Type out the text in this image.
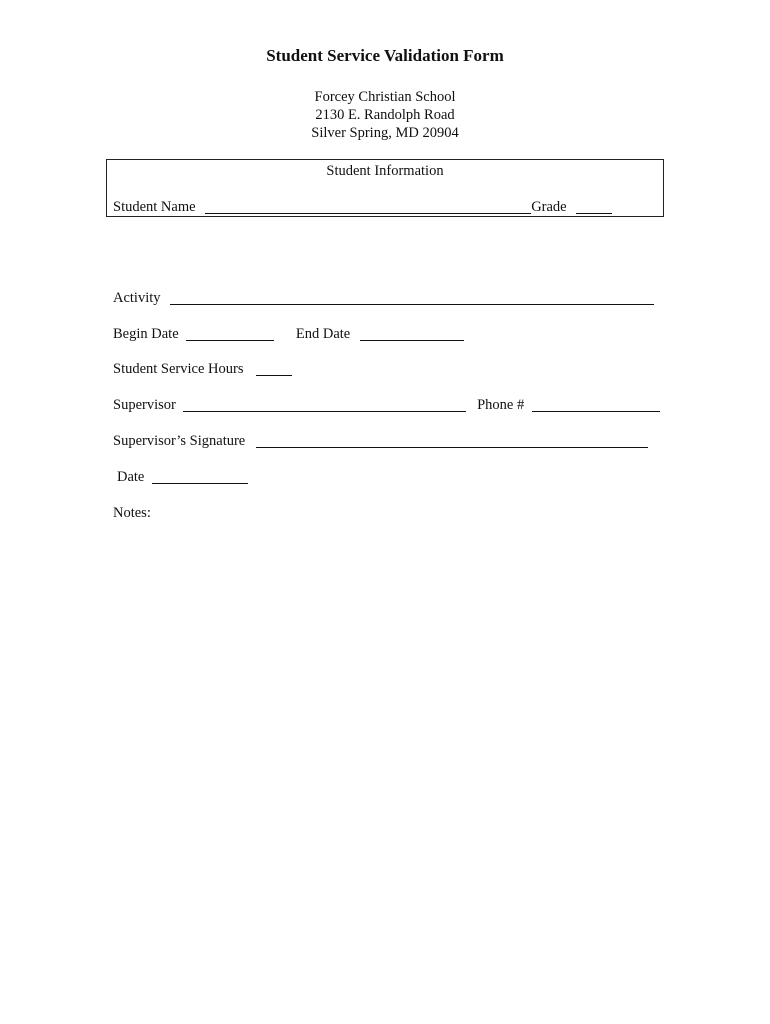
Student Service Validation Form
Forcey Christian School
2130 E. Randolph Road
Silver Spring, MD 20904
Student Information
Student Name	Grade
Activity
Begin Date	End Date
Student Service Hours
Supervisor	Phone #
Supervisor’s Signature
Date
Notes:
